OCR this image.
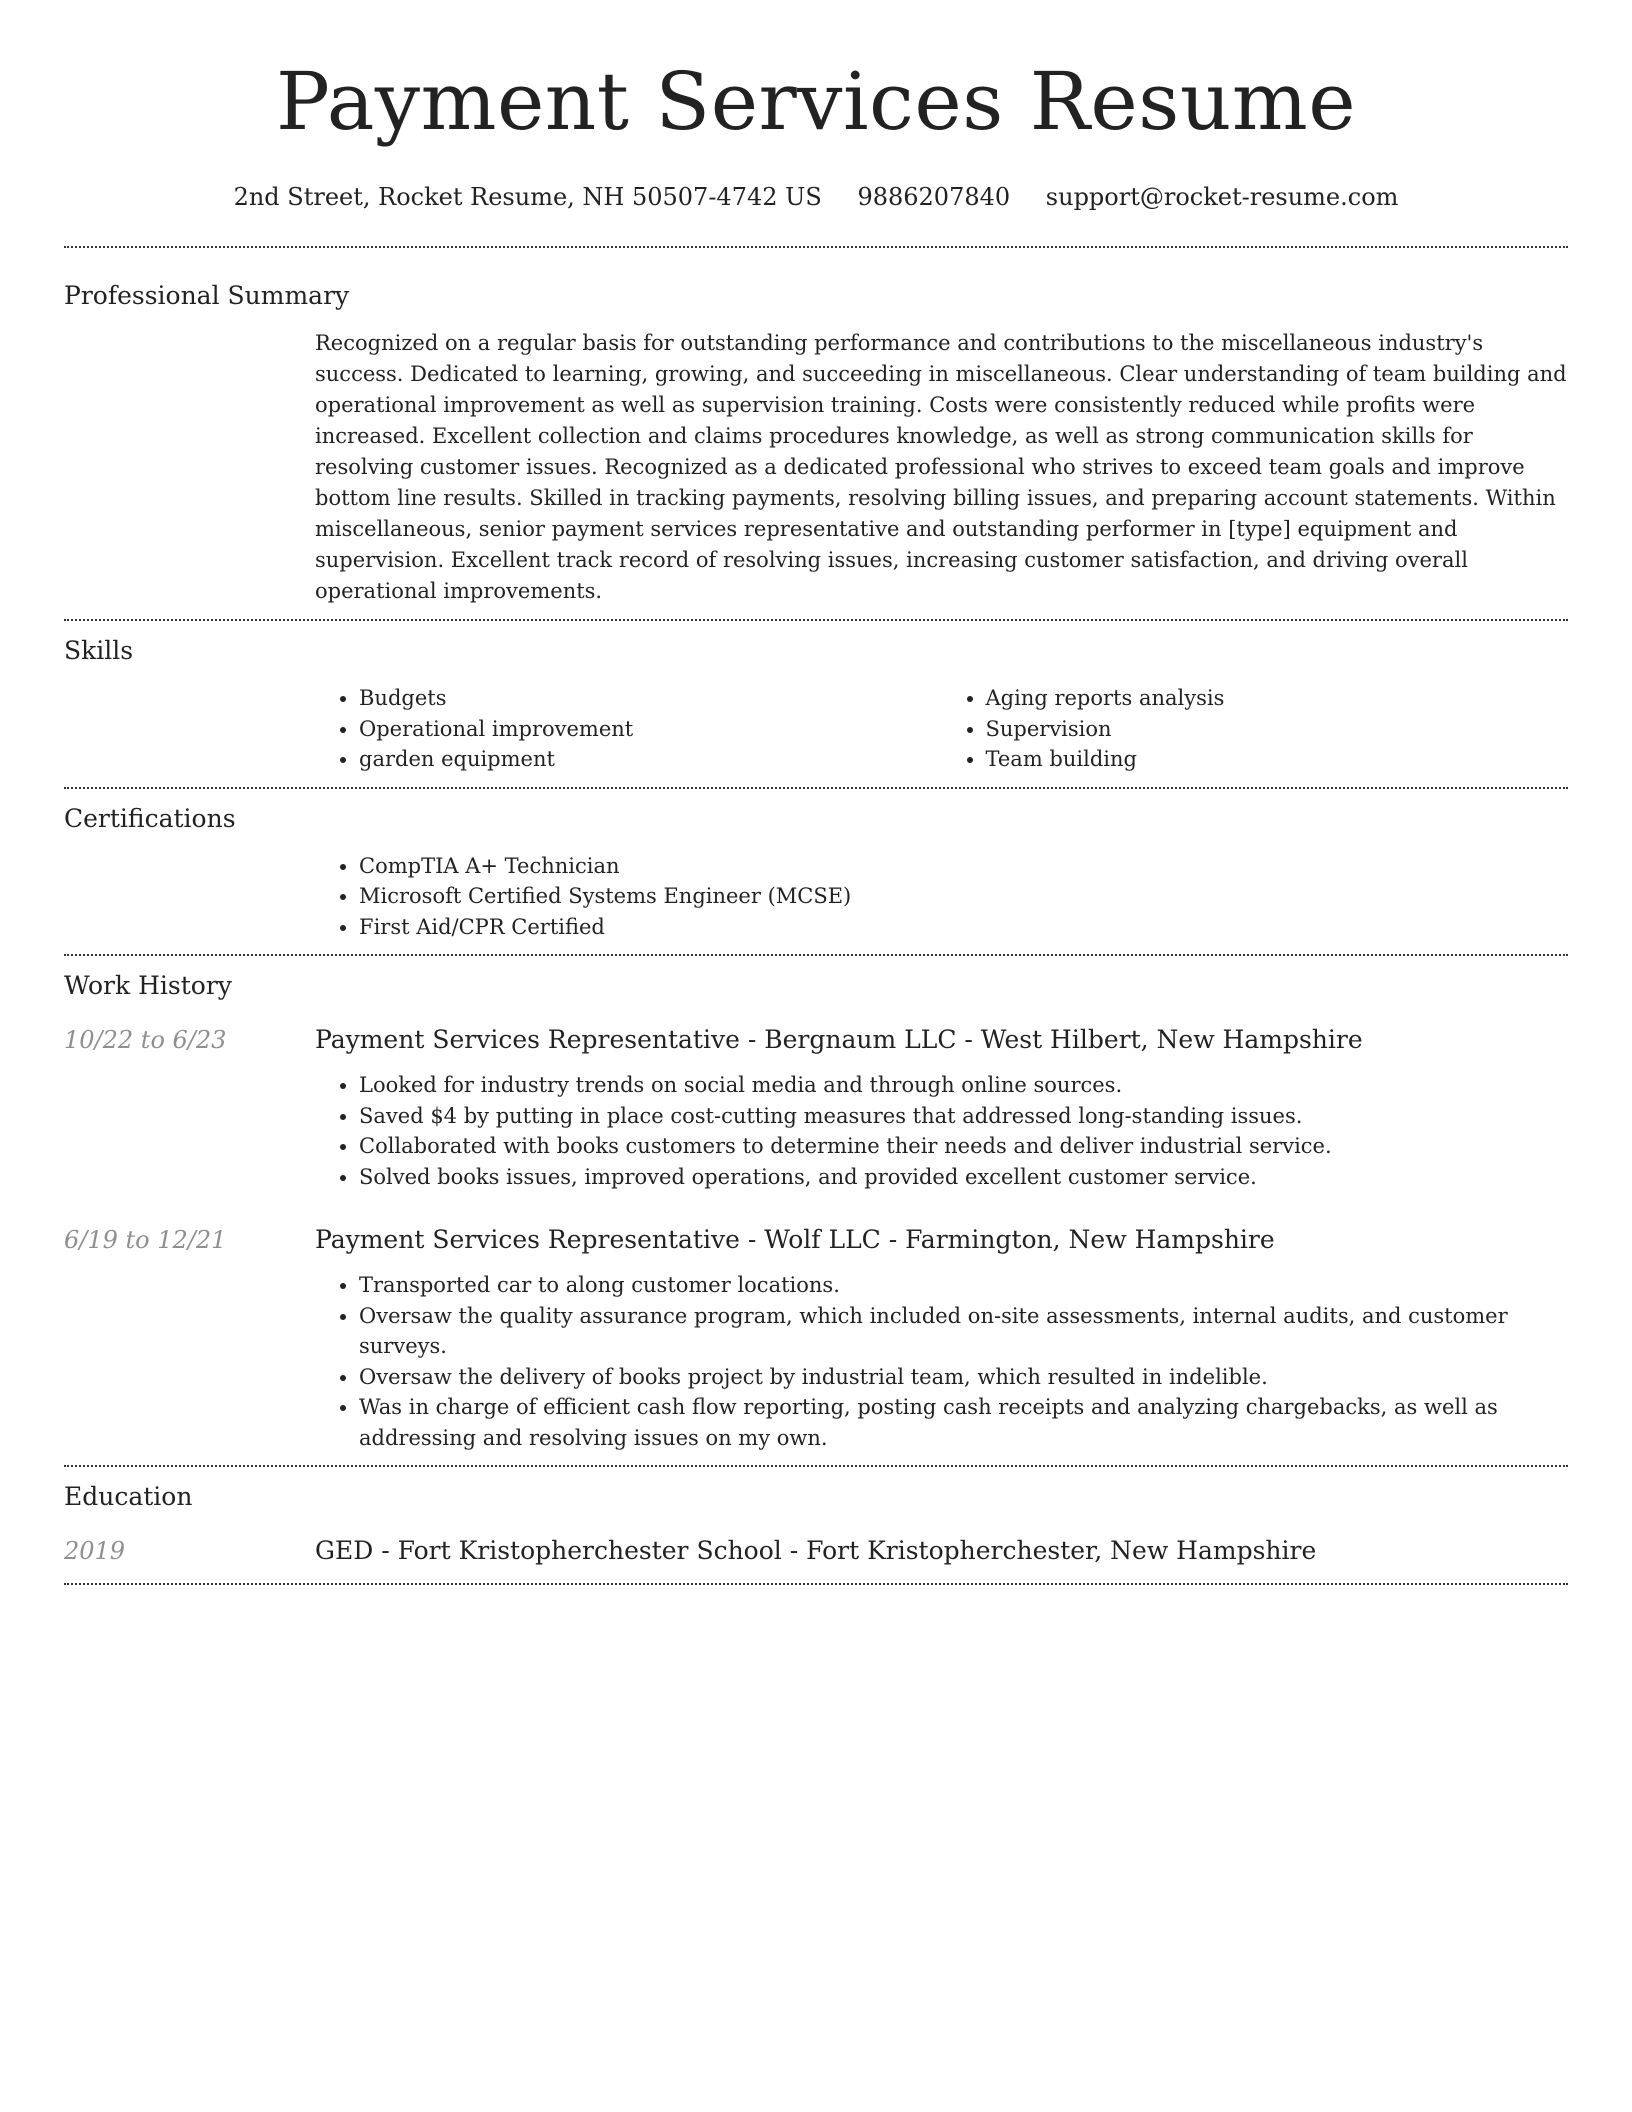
Payment Services Resume
2nd Street, Rocket Resume, NH 50507-4742 US 9886207840 support@rocket-resume.com
Professional Summary

Recognized on a regular basis for outstanding performance and contributions to the miscellaneous industry's success. Dedicated to learning, growing, and succeeding in miscellaneous. Clear understanding of team building and operational improvement as well as supervision training. Costs were consistently reduced while profits were increased. Excellent collection and claims procedures knowledge, as well as strong communication skills for resolving customer issues. Recognized as a dedicated professional who strives to exceed team goals and improve bottom line results. Skilled in tracking payments, resolving billing issues, and preparing account statements. Within miscellaneous, senior payment services representative and outstanding performer in [type] equipment and supervision. Excellent track record of resolving issues, increasing customer satisfaction, and driving overall operational improvements.

Skills
• Budgets
• Operational improvement
• garden equipment
• Aging reports analysis
• Supervision
• Team building
Certifications
• CompTIA A+ Technician
• Microsoft Certified Systems Engineer (MCSE)
• First Aid/CPR Certified
Work History
10/22 to 6/23	Payment Services Representative - Bergnaum LLC - West Hilbert, New Hampshire

• Looked for industry trends on social media and through online sources.
• Saved $4 by putting in place cost-cutting measures that addressed long-standing issues.
• Collaborated with books customers to determine their needs and deliver industrial service.
• Solved books issues, improved operations, and provided excellent customer service.
6/19 to 12/21	Payment Services Representative - Wolf LLC - Farmington, New Hampshire

• Transported car to along customer locations.
• Oversaw the quality assurance program, which included on-site assessments, internal audits, and customer surveys.
• Oversaw the delivery of books project by industrial team, which resulted in indelible.
• Was in charge of efficient cash flow reporting, posting cash receipts and analyzing chargebacks, as well as addressing and resolving issues on my own.
Education
2019	GED - Fort Kristopherchester School - Fort Kristopherchester, New Hampshire
